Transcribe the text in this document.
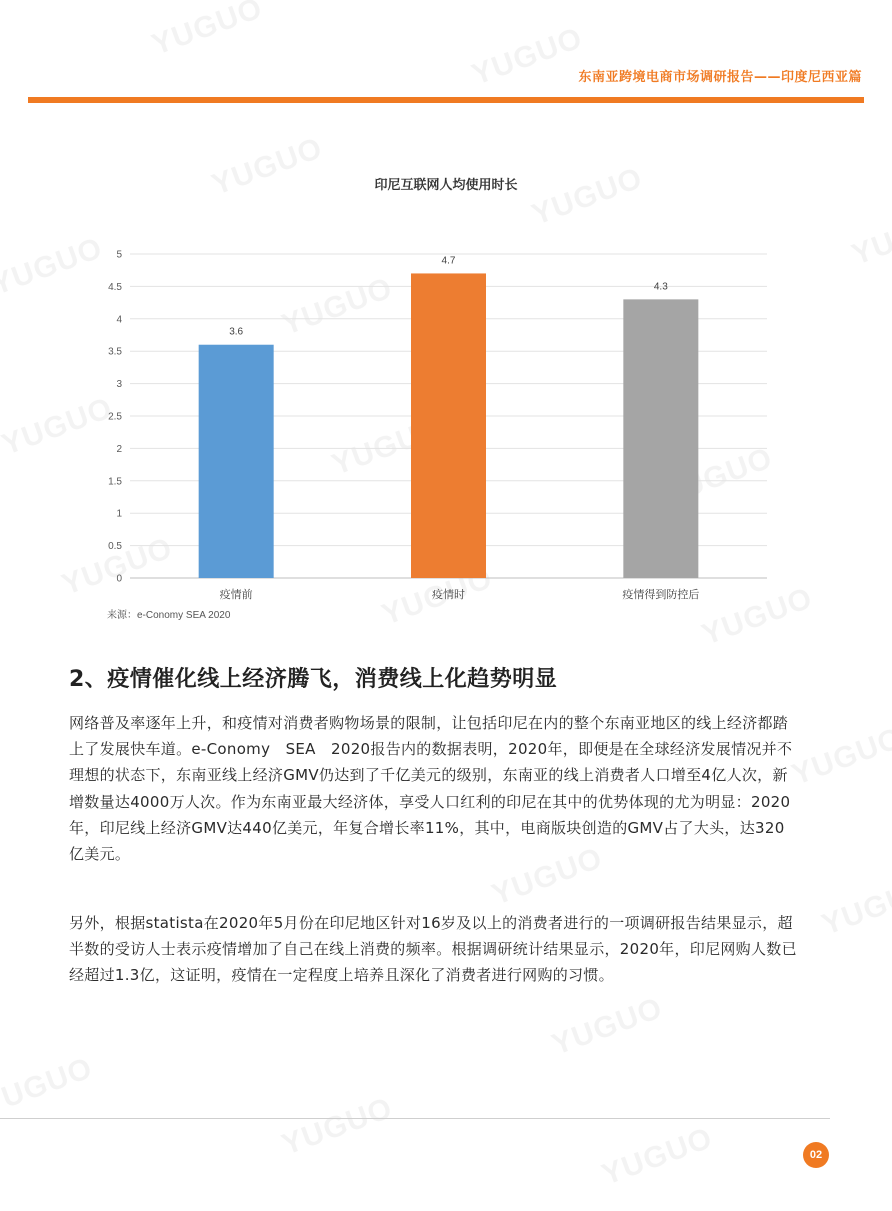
东南亚跨境电商市场调研报告——印度尼西亚篇
印尼互联网人均使用时长
0
0.5
1
1.5
2
2.5
3
3.5
4
4.5
5
3.6
疫情前
4.7
疫情时
4.3
疫情得到防控后
来源：e-Conomy SEA 2020
2、疫情催化线上经济腾飞，消费线上化趋势明显

网络普及率逐年上升，和疫情对消费者购物场景的限制，让包括印尼在内的整个东南亚地区的线上经济都踏上了发展快车道。e-Conomy　SEA　2020报告内的数据表明，2020年，即便是在全球经济发展情况并不理想的状态下，东南亚线上经济GMV仍达到了千亿美元的级别，东南亚的线上消费者人口增至4亿人次，新增数量达4000万人次。作为东南亚最大经济体，享受人口红利的印尼在其中的优势体现的尤为明显：2020年，印尼线上经济GMV达440亿美元，年复合增长率11%，其中，电商版块创造的GMV占了大头，达320亿美元。

另外，根据statista在2020年5月份在印尼地区针对16岁及以上的消费者进行的一项调研报告结果显示，超半数的受访人士表示疫情增加了自己在线上消费的频率。根据调研统计结果显示，2020年，印尼网购人数已经超过1.3亿，这证明，疫情在一定程度上培养且深化了消费者进行网购的习惯。

02
